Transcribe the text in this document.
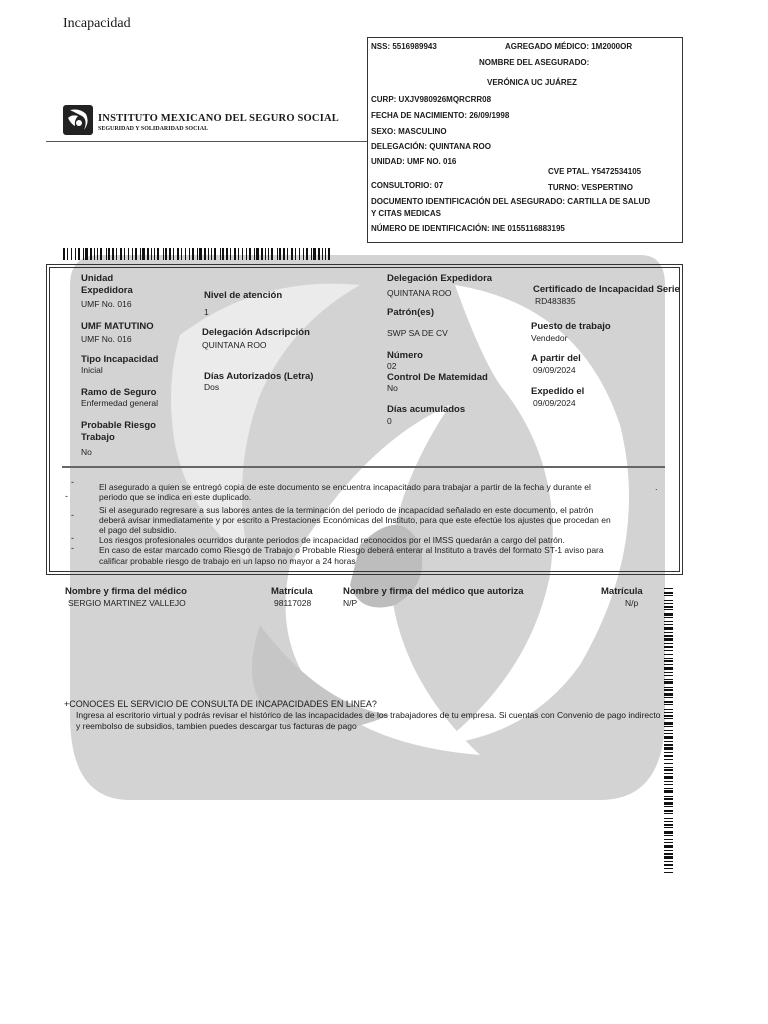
Incapacidad
INSTITUTO MEXICANO DEL SEGURO SOCIAL
SEGURIDAD Y SOLIDARIDAD SOCIAL
NSS: 5516989943	AGREGADO MÉDICO: 1M2000OR
NOMBRE DEL ASEGURADO:
VERÓNICA UC JUÁREZ
CURP: UXJV980926MQRCRR08
FECHA DE NACIMIENTO: 26/09/1998
SEXO: MASCULINO
DELEGACIÓN: QUINTANA ROO
UNIDAD: UMF NO. 016
CVE PTAL. Y5472534105
CONSULTORIO: 07	TURNO: VESPERTINO
DOCUMENTO IDENTIFICACIÓN DEL ASEGURADO: CARTILLA DE SALUD
Y CITAS MEDICAS
NÚMERO DE IDENTIFICACIÓN: INE 0155116883195
Unidad
Expedidora
UMF No. 016
UMF MATUTINO
UMF No. 016
Tipo Incapacidad
Inicial
Ramo de Seguro
Enfermedad general
Probable Riesgo
Trabajo
No
Nivel de atención
1
Delegación Adscripción
QUINTANA ROO
Días Autorizados (Letra)
Dos
Delegación Expedidora
QUINTANA ROO
Patrón(es)
SWP SA DE CV
Número
02
Control De Matemidad
No
Días acumulados
0
Certificado de Incapacidad Serie
RD483835
Puesto de trabajo
Vendedor
A partir del
09/09/2024
Expedido el
09/09/2024
-
-
.
-
-
-
El asegurado a quien se entregó copia de este documento se encuentra incapacitado para trabajar a partir de la fecha y durante el
periodo que se indica en este duplicado.
Si el asegurado regresare a sus labores antes de la terminación del periodo de incapacidad señalado en este documento, el patrón
deberá avisar inmediatamente y por escrito a Prestaciones Económicas del Instituto, para que este efectúe los ajustes que procedan en
el pago del subsidio.
Los riesgos profesionales ocurridos durante periodos de incapacidad reconocidos por el IMSS quedarán a cargo del patrón.
En caso de estar marcado como Riesgo de Trabajo o Probable Riesgo deberá enterar al Instituto a través del formato ST-1 aviso para
calificar probable riesgo de trabajo en un lapso no mayor a 24 horas
Nombre y firma del médico
SERGIO MARTINEZ VALLEJO
Matrícula
98117028
Nombre y firma del médico que autoriza
N/P
Matrícula
N/p
+CONOCES EL SERVICIO DE CONSULTA DE INCAPACIDADES EN LINEA?
Ingresa al escritorio virtual y podrás revisar el histórico de las incapacidades de los trabajadores de tu empresa. Si cuentas con Convenio de pago indirecto y reembolso de subsidios, tambien puedes descargar tus facturas de pago
